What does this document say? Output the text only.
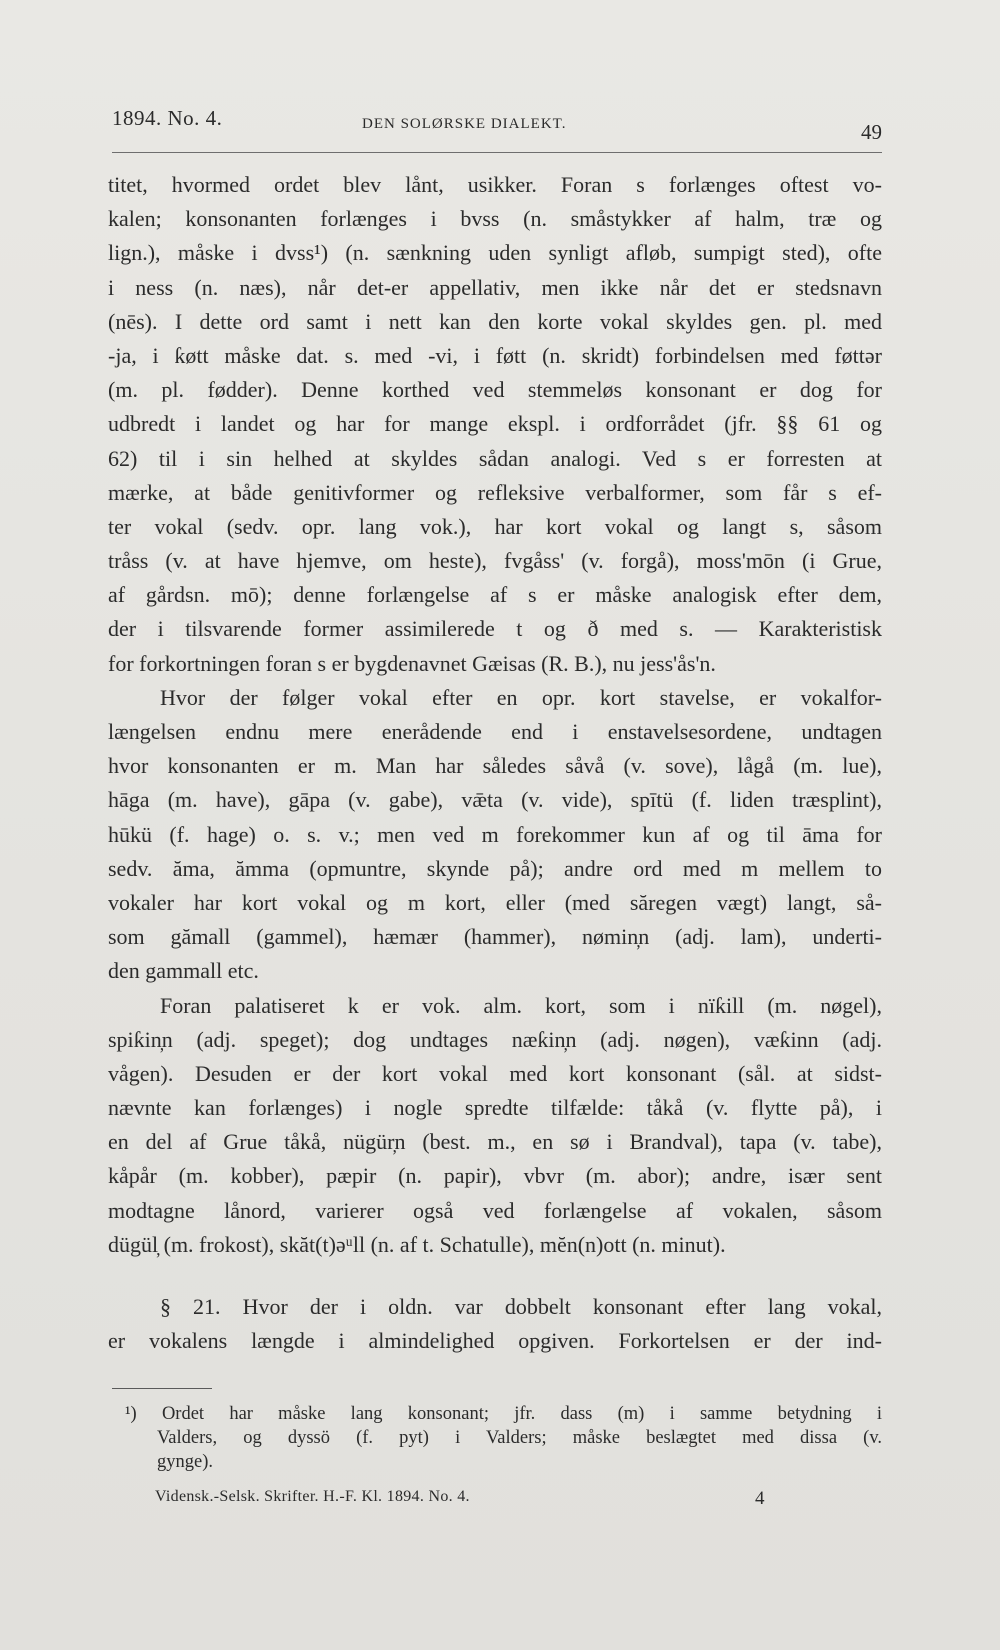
1894. No. 4.	DEN SOLØRSKE DIALEKT.	49
titet, hvormed ordet blev lånt, usikker. Foran s forlænges oftest vo-
kalen; konsonanten forlænges i bvss (n. småstykker af halm, træ og
lign.), måske i dvss¹) (n. sænkning uden synligt afløb, sumpigt sted), ofte
i ness (n. næs), når det-er appellativ, men ikke når det er stedsnavn
(nēs). I dette ord samt i nett kan den korte vokal skyldes gen. pl. med
-ja, i ƙøtt måske dat. s. med -vi, i føtt (n. skridt) forbindelsen med føttər
(m. pl. fødder). Denne korthed ved stemmeløs konsonant er dog for
udbredt i landet og har for mange ekspl. i ordforrådet (jfr. §§ 61 og
62) til i sin helhed at skyldes sådan analogi. Ved s er forresten at
mærke, at både genitivformer og refleksive verbalformer, som får s ef-
ter vokal (sedv. opr. lang vok.), har kort vokal og langt s, såsom
tråss (v. at have hjemve, om heste), fvgåss' (v. forgå), moss'mōn (i Grue,
af gårdsn. mō); denne forlængelse af s er måske analogisk efter dem,
der i tilsvarende former assimilerede t og ð med s. — Karakteristisk
for forkortningen foran s er bygdenavnet Gæisas (R. B.), nu jess'ås'n.
Hvor der følger vokal efter en opr. kort stavelse, er vokalfor-
længelsen endnu mere enerådende end i enstavelsesordene, undtagen
hvor konsonanten er m. Man har således såvå (v. sove), lågå (m. lue),
hāga (m. have), gāpa (v. gabe), vǣta (v. vide), spītü (f. liden træsplint),
hūkü (f. hage) o. s. v.; men ved m forekommer kun af og til āma for
sedv. ăma, ămma (opmuntre, skynde på); andre ord med m mellem to
vokaler har kort vokal og m kort, eller (med săregen vægt) langt, så-
som gămall (gammel), hæmær (hammer), nømin̦n (adj. lam), underti-
den gammall etc.
Foran palatiseret k er vok. alm. kort, som i nïƙill (m. nøgel),
spiƙin̦n (adj. speget); dog undtages næƙin̦n (adj. nøgen), væƙinn (adj.
vågen). Desuden er der kort vokal med kort konsonant (sål. at sidst-
nævnte kan forlænges) i nogle spredte tilfælde: tåkå (v. flytte på), i
en del af Grue tåkå, nügür̦n (best. m., en sø i Brandval), tapa (v. tabe),
kåpår (m. kobber), pæpir (n. papir), vbvr (m. abor); andre, især sent
modtagne lånord, varierer også ved forlængelse af vokalen, såsom
dügül̦ (m. frokost), skăt(t)əᵘll (n. af t. Schatulle), mĕn(n)ott (n. minut).
§ 21. Hvor der i oldn. var dobbelt konsonant efter lang vokal,
er vokalens længde i almindelighed opgiven. Forkortelsen er der ind-
¹) Ordet har måske lang konsonant; jfr. dass (m) i samme betydning i
Valders, og dyssö (f. pyt) i Valders; måske beslægtet med dissa (v.
gynge).
Vidensk.-Selsk. Skrifter. H.-F. Kl. 1894. No. 4.	4
